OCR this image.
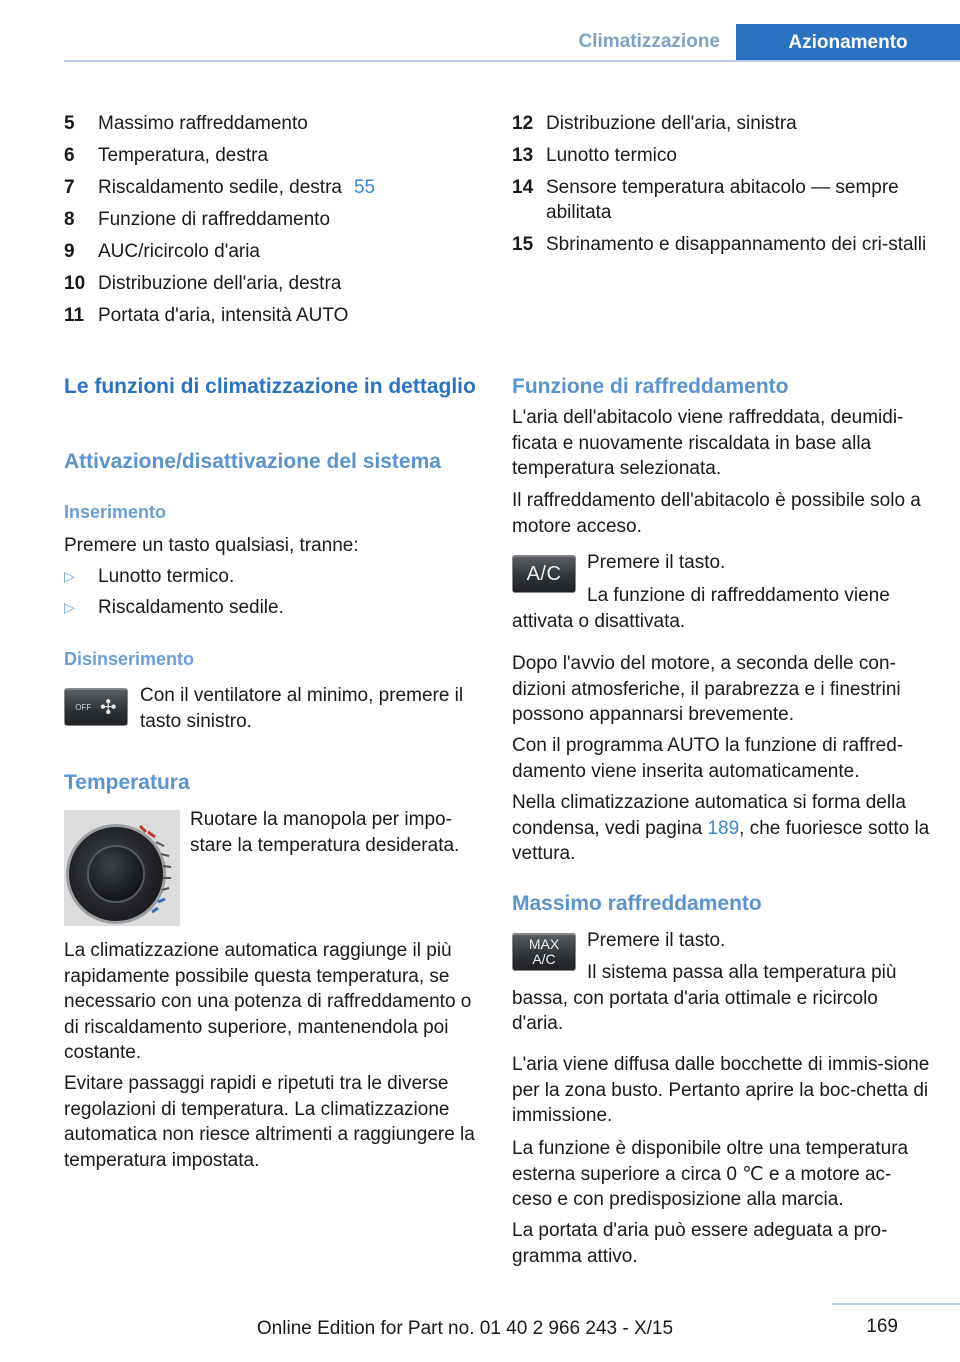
Climatizzazione	Azionamento
5	Massimo raffreddamento
6	Temperatura, destra
7	Riscaldamento sedile, destra 55
8	Funzione di raffreddamento
9	AUC/ricircolo d'aria
10 Distribuzione dell'aria, destra
11 Portata d'aria, intensità AUTO
12 Distribuzione dell'aria, sinistra
13 Lunotto termico
14 Sensore temperatura abitacolo — sempre abilitata
15 Sbrinamento e disappannamento dei cri-stalli
Le funzioni di climatizzazione in dettaglio
Attivazione/disattivazione del sistema
Inserimento

Premere un tasto qualsiasi, tranne:

▷	Lunotto termico.
▷	Riscaldamento sedile.
Disinserimento
OFF ✣

Con il ventilatore al minimo, premere il tasto sinistro.

Temperatura

Ruotare la manopola per impo-stare la temperatura desiderata.

La climatizzazione automatica raggiunge il più rapidamente possibile questa temperatura, se necessario con una potenza di raffreddamento o di riscaldamento superiore, mantenendola poi costante.

Evitare passaggi rapidi e ripetuti tra le diverse regolazioni di temperatura. La climatizzazione automatica non riesce altrimenti a raggiungere la temperatura impostata.

Funzione di raffreddamento

L'aria dell'abitacolo viene raffreddata, deumidi-ficata e nuovamente riscaldata in base alla temperatura selezionata.

Il raffreddamento dell'abitacolo è possibile solo a motore acceso.

A/C	Premere il tasto.

La funzione di raffreddamento viene attivata o disattivata.

Dopo l'avvio del motore, a seconda delle con-dizioni atmosferiche, il parabrezza e i finestrini possono appannarsi brevemente.

Con il programma AUTO la funzione di raffred-damento viene inserita automaticamente.

Nella climatizzazione automatica si forma della condensa, vedi pagina 189, che fuoriesce sotto la vettura.

Massimo raffreddamento
MAX
A/C

Premere il tasto.

Il sistema passa alla temperatura più bassa, con portata d'aria ottimale e ricircolo d'aria.

L'aria viene diffusa dalle bocchette di immis-sione per la zona busto. Pertanto aprire la boc-chetta di immissione.

La funzione è disponibile oltre una temperatura esterna superiore a circa 0 ℃ e a motore ac-ceso e con predisposizione alla marcia.

La portata d'aria può essere adeguata a pro-gramma attivo.

169
Online Edition for Part no. 01 40 2 966 243 - X/15
